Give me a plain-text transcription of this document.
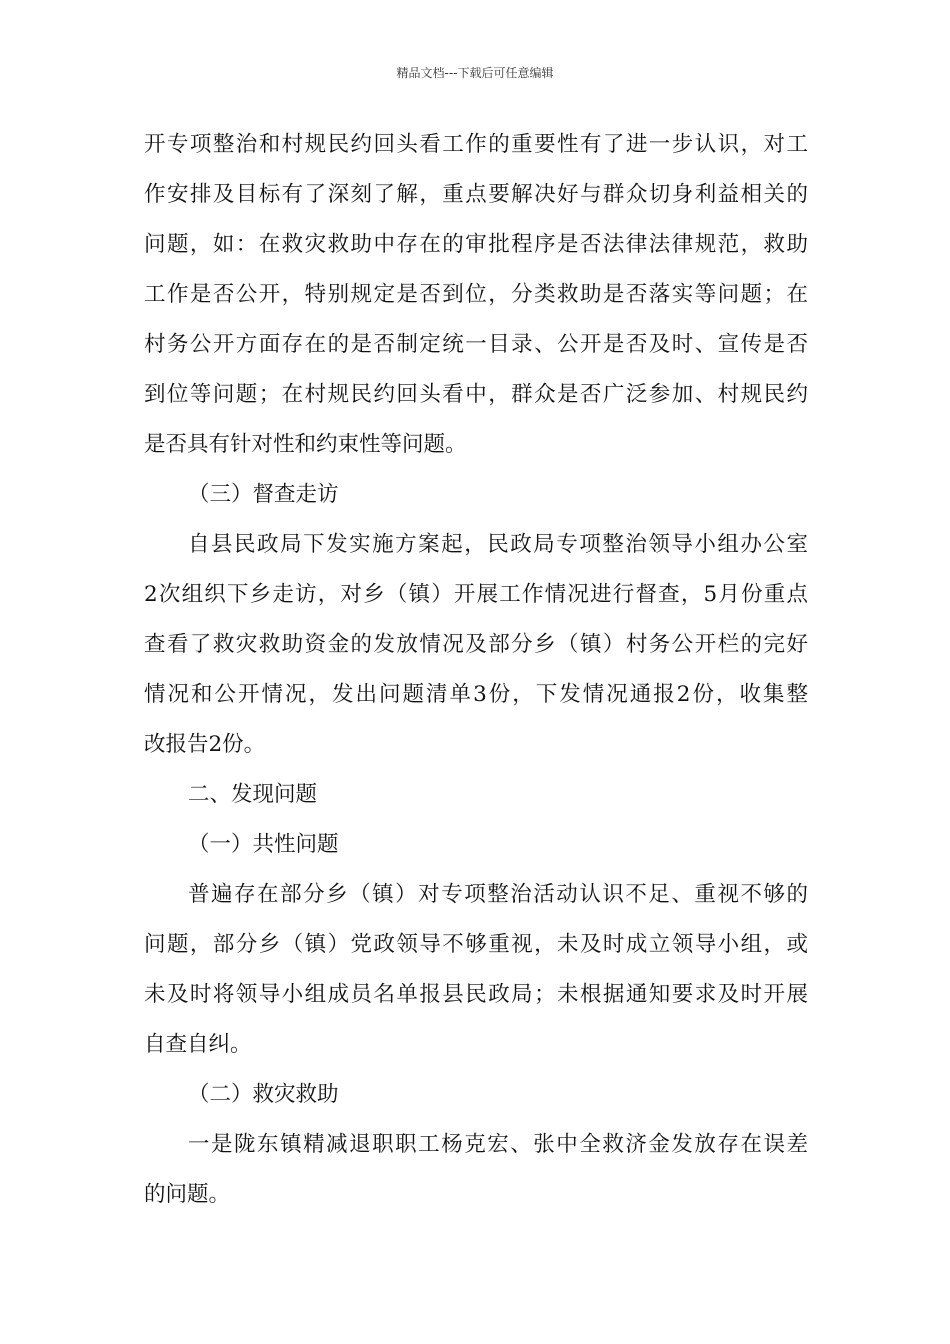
精品文档---下载后可任意编辑
开专项整治和村规民约回头看工作的重要性有了进一步认识，对工
作安排及目标有了深刻了解，重点要解决好与群众切身利益相关的
问题，如：在救灾救助中存在的审批程序是否法律法律规范，救助
工作是否公开，特别规定是否到位，分类救助是否落实等问题；在
村务公开方面存在的是否制定统一目录、公开是否及时、宣传是否
到位等问题；在村规民约回头看中，群众是否广泛参加、村规民约
是否具有针对性和约束性等问题。
（三）督查走访
自县民政局下发实施方案起，民政局专项整治领导小组办公室
2次组织下乡走访，对乡（镇）开展工作情况进行督查，5月份重点
查看了救灾救助资金的发放情况及部分乡（镇）村务公开栏的完好
情况和公开情况，发出问题清单3份，下发情况通报2份，收集整
改报告2份。
二、发现问题
（一）共性问题
普遍存在部分乡（镇）对专项整治活动认识不足、重视不够的
问题，部分乡（镇）党政领导不够重视，未及时成立领导小组，或
未及时将领导小组成员名单报县民政局；未根据通知要求及时开展
自查自纠。
（二）救灾救助
一是陇东镇精减退职职工杨克宏、张中全救济金发放存在误差
的问题。
